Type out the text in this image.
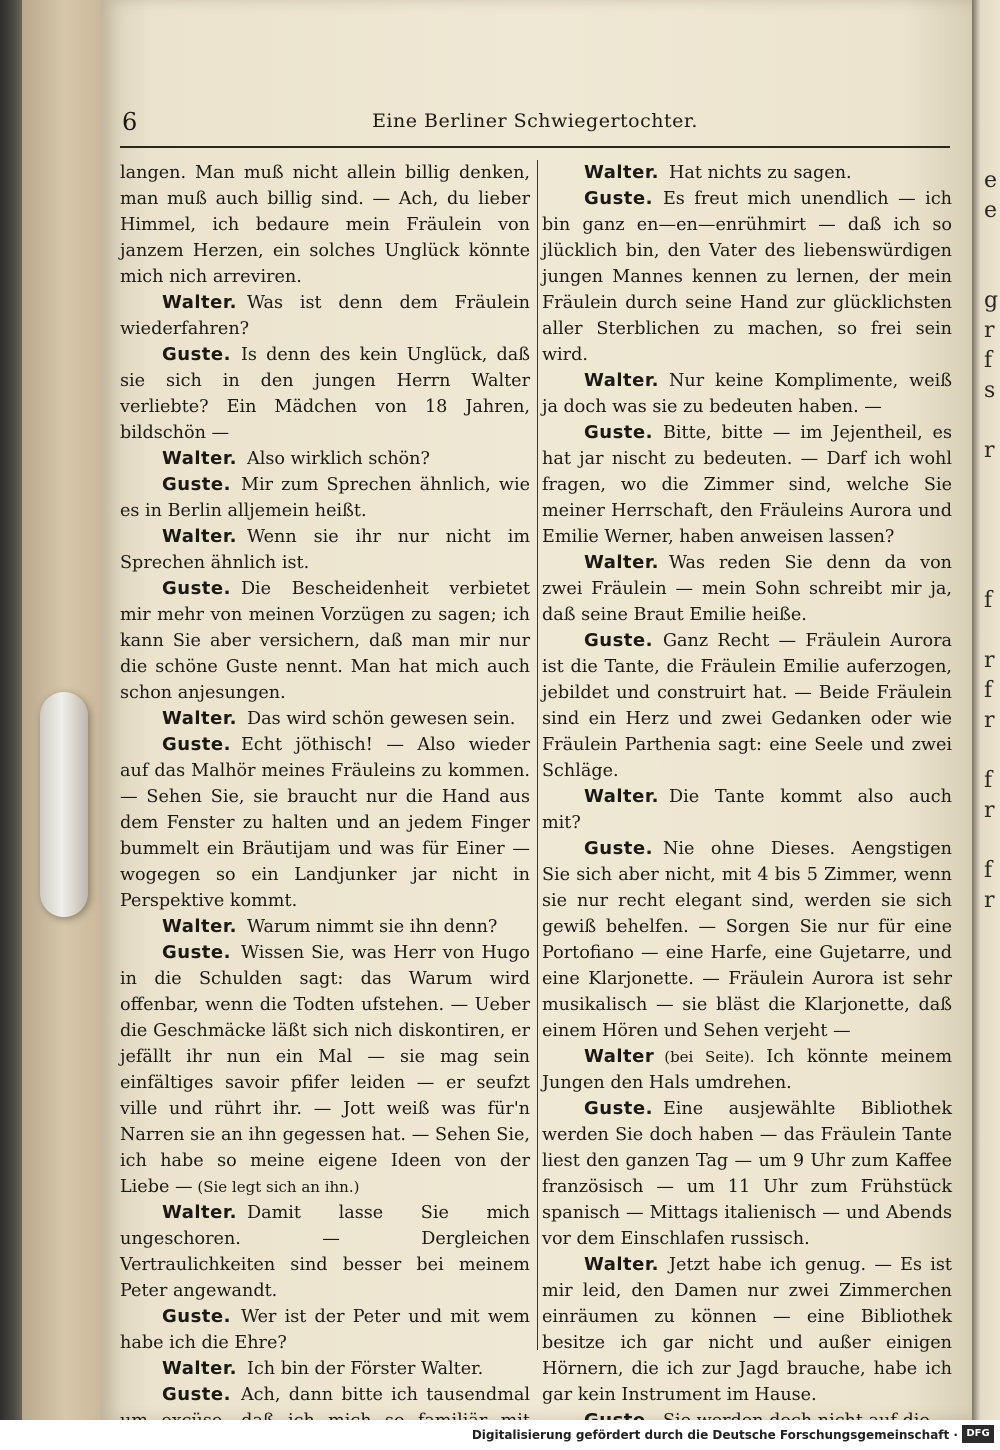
e
e
g
r
f
s
r
f
r
f
r
f
r
f
r
6	Eine Berliner Schwiegertochter.

langen. Man muß nicht allein billig denken, man muß auch billig sind. — Ach, du lieber Himmel, ich bedaure mein Fräulein von janzem Herzen, ein solches Unglück könnte mich nich arreviren.

Walter. Was ist denn dem Fräulein wiederfahren?

Guste. Is denn des kein Unglück, daß sie sich in den jungen Herrn Walter verliebte? Ein Mädchen von 18 Jahren, bildschön —

Walter. Also wirklich schön?

Guste. Mir zum Sprechen ähnlich, wie es in Berlin alljemein heißt.

Walter. Wenn sie ihr nur nicht im Sprechen ähnlich ist.

Guste. Die Bescheidenheit verbietet mir mehr von meinen Vorzügen zu sagen; ich kann Sie aber versichern, daß man mir nur die schöne Guste nennt. Man hat mich auch schon anjesungen.

Walter. Das wird schön gewesen sein.

Guste. Echt jöthisch! — Also wieder auf das Malhör meines Fräuleins zu kommen. — Sehen Sie, sie braucht nur die Hand aus dem Fenster zu halten und an jedem Finger bummelt ein Bräutijam und was für Einer — wogegen so ein Landjunker jar nicht in Perspektive kommt.

Walter. Warum nimmt sie ihn denn?

Guste. Wissen Sie, was Herr von Hugo in die Schulden sagt: das Warum wird offenbar, wenn die Todten ufstehen. — Ueber die Geschmäcke läßt sich nich diskontiren, er jefällt ihr nun ein Mal — sie mag sein einfältiges savoir pfifer leiden — er seufzt ville und rührt ihr. — Jott weiß was für'n Narren sie an ihn gegessen hat. — Sehen Sie, ich habe so meine eigene Ideen von der Liebe — (Sie legt sich an ihn.)

Walter. Damit lasse Sie mich ungeschoren. — Dergleichen Vertraulichkeiten sind besser bei meinem Peter angewandt.

Guste. Wer ist der Peter und mit wem habe ich die Ehre?

Walter. Ich bin der Förster Walter.

Guste. Ach, dann bitte ich tausendmal

Walter. Hat nichts zu sagen.

Guste. Es freut mich unendlich — ich bin ganz en—en—enrühmirt — daß ich so jlücklich bin, den Vater des liebenswürdigen jungen Mannes kennen zu lernen, der mein Fräulein durch seine Hand zur glücklichsten aller Sterblichen zu machen, so frei sein wird.

Walter. Nur keine Komplimente, weiß ja doch was sie zu bedeuten haben. —

Guste. Bitte, bitte — im Jejentheil, es hat jar nischt zu bedeuten. — Darf ich wohl fragen, wo die Zimmer sind, welche Sie meiner Herrschaft, den Fräuleins Aurora und Emilie Werner, haben anweisen lassen?

Walter. Was reden Sie denn da von zwei Fräulein — mein Sohn schreibt mir ja, daß seine Braut Emilie heiße.

Guste. Ganz Recht — Fräulein Aurora ist die Tante, die Fräulein Emilie auferzogen, jebildet und construirt hat. — Beide Fräulein sind ein Herz und zwei Gedanken oder wie Fräulein Parthenia sagt: eine Seele und zwei Schläge.

Walter. Die Tante kommt also auch mit?

Guste. Nie ohne Dieses. Aengstigen Sie sich aber nicht, mit 4 bis 5 Zimmer, wenn sie nur recht elegant sind, werden sie sich gewiß behelfen. — Sorgen Sie nur für eine Portofiano — eine Harfe, eine Gujetarre, und eine Klarjonette. — Fräulein Aurora ist sehr musikalisch — sie bläst die Klarjonette, daß einem Hören und Sehen verjeht —

Walter (bei Seite). Ich könnte meinem Jungen den Hals umdrehen.

Guste. Eine ausjewählte Bibliothek werden Sie doch haben — das Fräulein Tante liest den ganzen Tag — um 9 Uhr zum Kaffee französisch — um 11 Uhr zum Frühstück spanisch — Mittags italienisch — und Abends vor dem Einschlafen russisch.

Walter. Jetzt habe ich genug. — Es ist mir leid, den Damen nur zwei Zimmerchen einräumen zu können — eine Bibliothek besitze ich gar nicht und außer einigen Hörnern, die ich zur Jagd brauche, habe ich gar kein Instrument im Hause.

Digitalisierung gefördert durch die Deutsche Forschungsgemeinschaft · DFG
